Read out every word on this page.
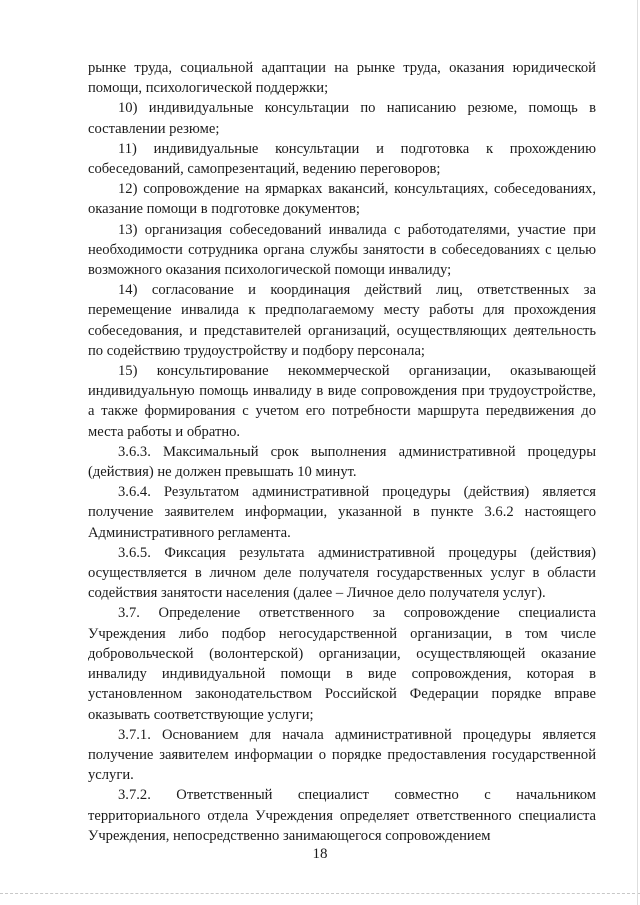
рынке труда, социальной адаптации на рынке труда, оказания юридической помощи, психологической поддержки;

10) индивидуальные консультации по написанию резюме, помощь в составлении резюме;

11) индивидуальные консультации и подготовка к прохождению собеседований, самопрезентаций, ведению переговоров;

12) сопровождение на ярмарках вакансий, консультациях, собеседованиях, оказание помощи в подготовке документов;

13) организация собеседований инвалида с работодателями, участие при необходимости сотрудника органа службы занятости в собеседованиях с целью возможного оказания психологической помощи инвалиду;

14) согласование и координация действий лиц, ответственных за перемещение инвалида к предполагаемому месту работы для прохождения собеседования, и представителей организаций, осуществляющих деятельность по содействию трудоустройству и подбору персонала;

15) консультирование некоммерческой организации, оказывающей индивидуальную помощь инвалиду в виде сопровождения при трудоустройстве, а также формирования с учетом его потребности маршрута передвижения до места работы и обратно.

3.6.3. Максимальный срок выполнения административной процедуры (действия) не должен превышать 10 минут.

3.6.4. Результатом административной процедуры (действия) является получение заявителем информации, указанной в пункте 3.6.2 настоящего Административного регламента.

3.6.5. Фиксация результата административной процедуры (действия) осуществляется в личном деле получателя государственных услуг в области содействия занятости населения (далее – Личное дело получателя услуг).

3.7. Определение ответственного за сопровождение специалиста Учреждения либо подбор негосударственной организации, в том числе добровольческой (волонтерской) организации, осуществляющей оказание инвалиду индивидуальной помощи в виде сопровождения, которая в установленном законодательством Российской Федерации порядке вправе оказывать соответствующие услуги;

3.7.1. Основанием для начала административной процедуры является получение заявителем информации о порядке предоставления государственной услуги.

3.7.2. Ответственный специалист совместно с начальником территориального отдела Учреждения определяет ответственного специалиста Учреждения, непосредственно занимающегося сопровождением

18
